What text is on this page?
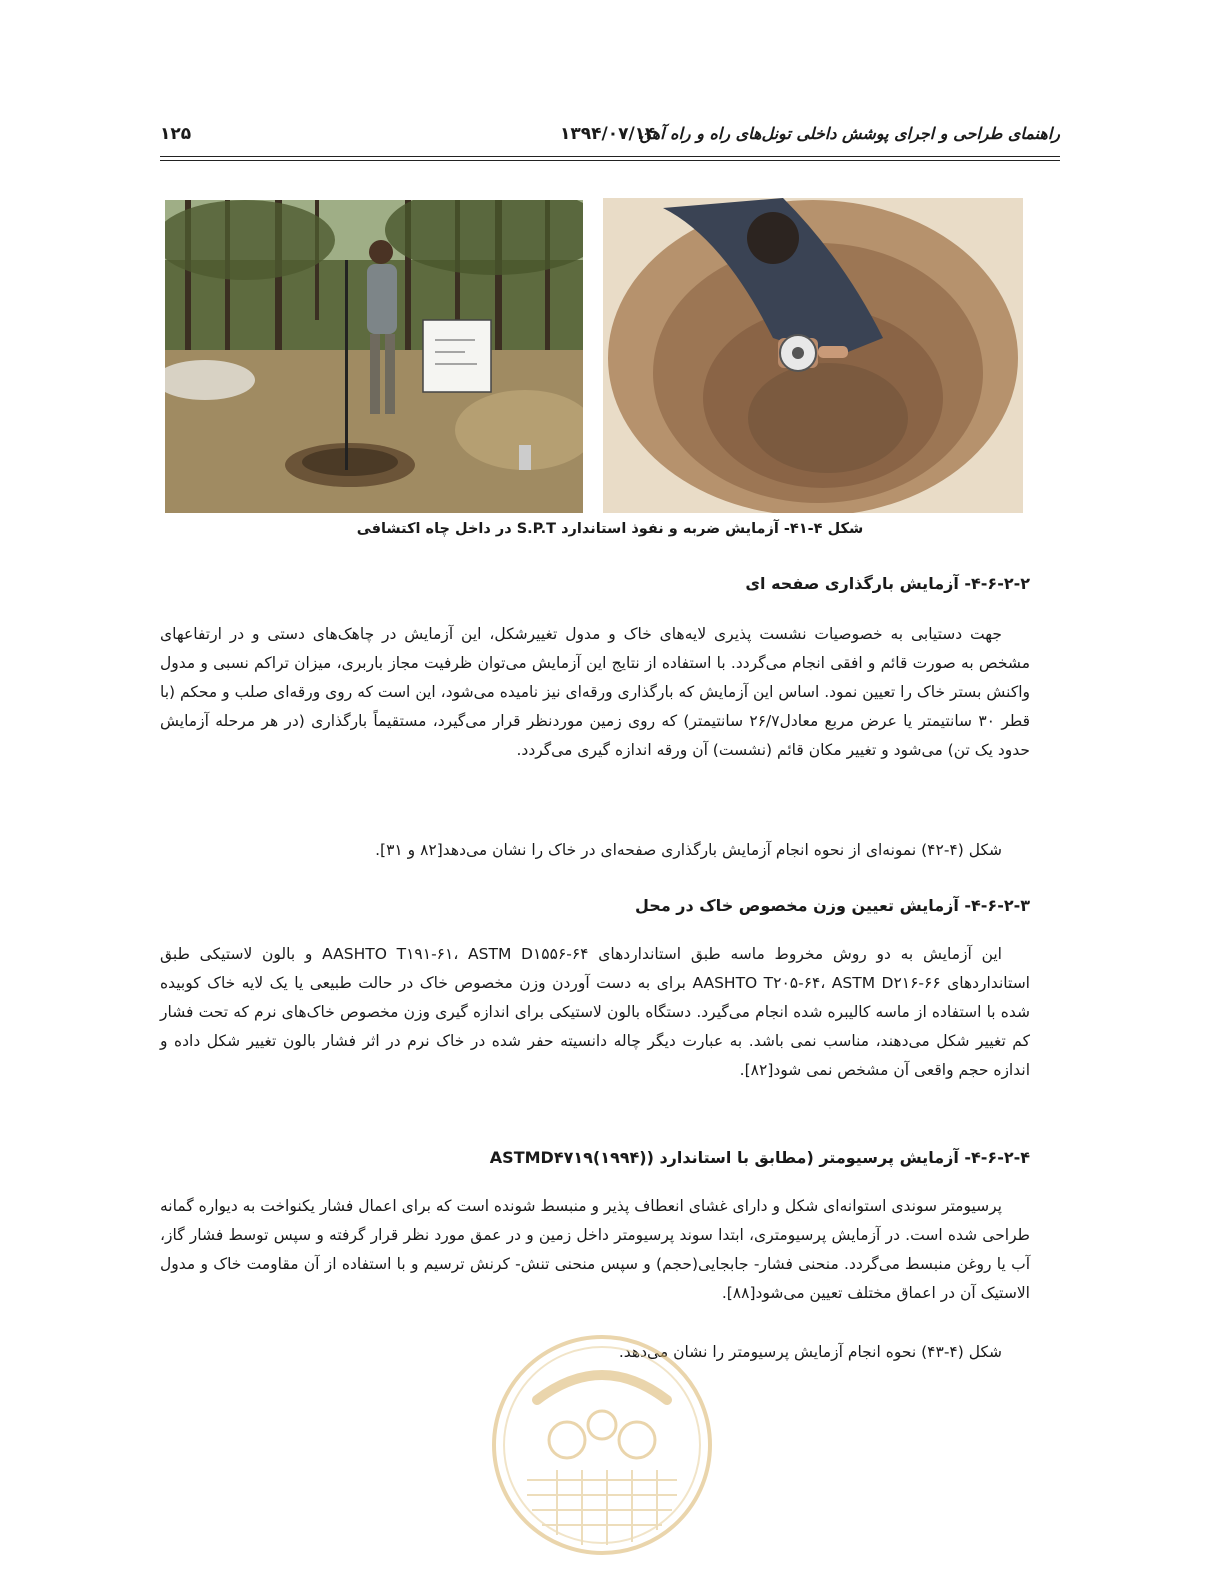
راهنمای طراحی و اجرای پوشش داخلی تونل‌های راه و راه آهن
۱۳۹۴/۰۷/۱۴
۱۲۵
شکل ۴-۴۱- آزمایش ضربه و نفوذ استاندارد S.P.T در داخل چاه اکتشافی
۴-۶-۲-۲- آزمایش بارگذاری صفحه ای
جهت دستیابی به خصوصیات نشست پذیری لایه‌های خاک و مدول تغییرشکل، این آزمایش در چاهک‌های دستی و در ارتفاعهای مشخص به صورت قائم و افقی انجام می‌گردد. با استفاده از نتایج این آزمایش می‌توان ظرفیت مجاز باربری، میزان تراکم نسبی و مدول واکنش بستر خاک را تعیین نمود. اساس این آزمایش که بارگذاری ورقه‌ای نیز نامیده می‌شود، این است که روی ورقه‌ای صلب و محکم (با قطر ۳۰ سانتیمتر یا عرض مربع معادل۲۶/۷ سانتیمتر) که روی زمین موردنظر قرار می‌گیرد، مستقیماً بارگذاری (در هر مرحله آزمایش حدود یک تن) می‌شود و تغییر مکان قائم (نشست) آن ورقه اندازه گیری می‌گردد.
شکل (۴-۴۲) نمونه‌ای از نحوه انجام آزمایش بارگذاری صفحه‌ای در خاک را نشان می‌دهد[۸۲ و ۳۱].
۴-۶-۲-۳- آزمایش تعیین وزن مخصوص خاک در محل
این آزمایش به دو روش مخروط ماسه طبق استانداردهای AASHTO T۱۹۱-۶۱، ASTM D۱۵۵۶-۶۴ و بالون لاستیکی طبق استانداردهای AASHTO T۲۰۵-۶۴، ASTM D۲۱۶-۶۶ برای به دست آوردن وزن مخصوص خاک در حالت طبیعی یا یک لایه خاک کوبیده شده با استفاده از ماسه کالیبره شده انجام می‌گیرد. دستگاه بالون لاستیکی برای اندازه گیری وزن مخصوص خاک‌های نرم که تحت فشار کم تغییر شکل می‌دهند، مناسب نمی باشد. به عبارت دیگر چاله دانسیته حفر شده در خاک نرم در اثر فشار بالون تغییر شکل داده و اندازه حجم واقعی آن مشخص نمی شود[۸۲].
۴-۶-۲-۴- آزمایش پرسیومتر (مطابق با استاندارد ((۱۹۹۴)ASTMD۴۷۱۹
پرسیومتر سوندی استوانه‌ای شکل و دارای غشای انعطاف پذیر و منبسط شونده است که برای اعمال فشار یکنواخت به دیواره گمانه طراحی شده است. در آزمایش پرسیومتری، ابتدا سوند پرسیومتر داخل زمین و در عمق مورد نظر قرار گرفته و سپس توسط فشار گاز، آب یا روغن منبسط می‌گردد. منحنی فشار- جابجایی(حجم) و سپس منحنی تنش- کرنش ترسیم و با استفاده از آن مقاومت خاک و مدول الاستیک آن در اعماق مختلف تعیین می‌شود[۸۸].
شکل (۴-۴۳) نحوه انجام آزمایش پرسیومتر را نشان می‌دهد.
